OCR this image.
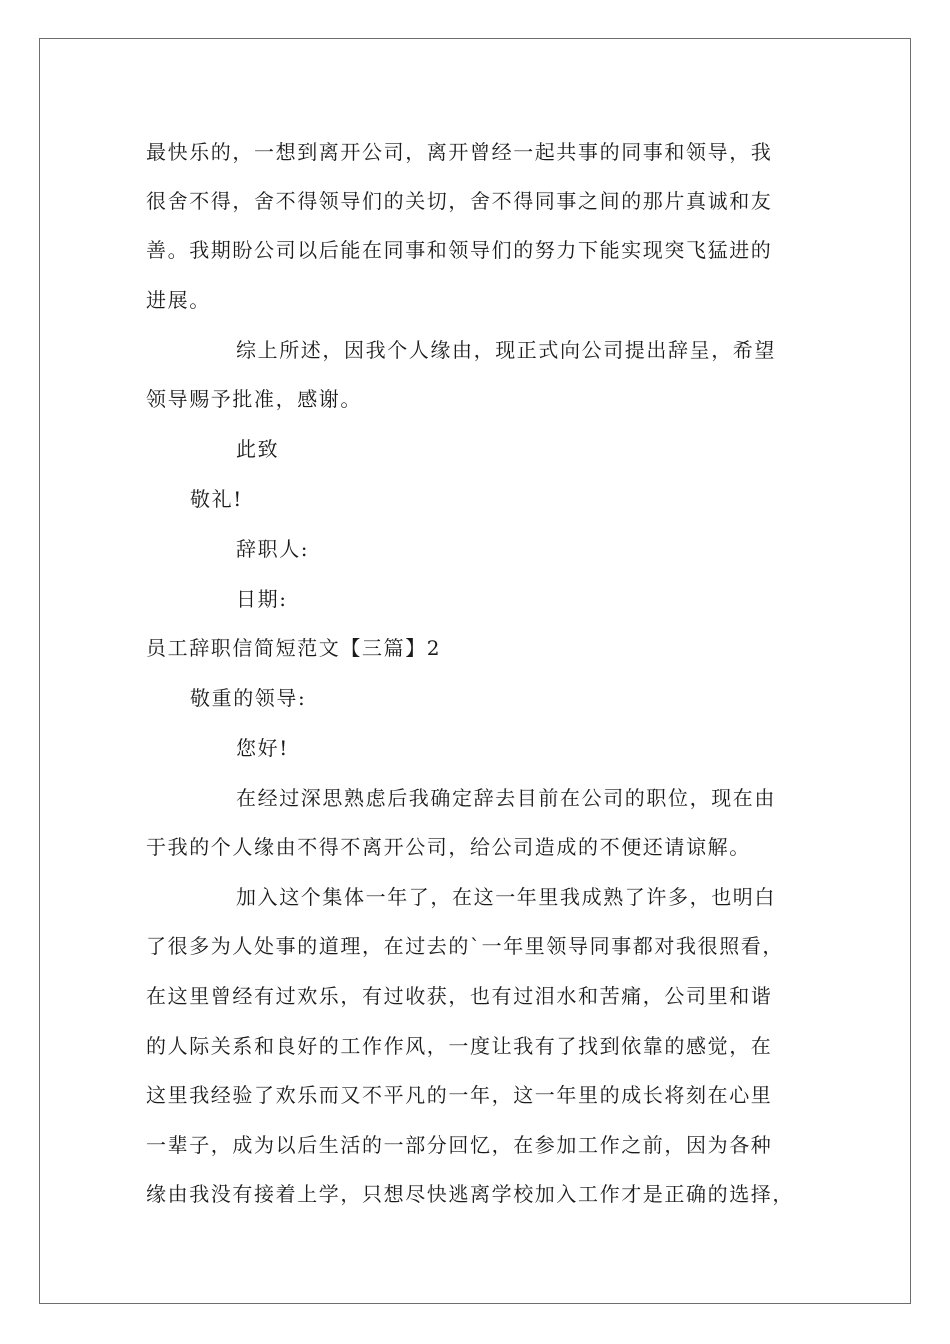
最快乐的，一想到离开公司，离开曾经一起共事的同事和领导，我
很舍不得，舍不得领导们的关切，舍不得同事之间的那片真诚和友
善。我期盼公司以后能在同事和领导们的努力下能实现突飞猛进的
进展。
综上所述，因我个人缘由，现正式向公司提出辞呈，希望
领导赐予批准，感谢。
此致
敬礼!
辞职人:
日期:
员工辞职信简短范文【三篇】2
敬重的领导:
您好!
在经过深思熟虑后我确定辞去目前在公司的职位，现在由
于我的个人缘由不得不离开公司，给公司造成的不便还请谅解。
加入这个集体一年了，在这一年里我成熟了许多，也明白
了很多为人处事的道理，在过去的`一年里领导同事都对我很照看，
在这里曾经有过欢乐，有过收获，也有过泪水和苦痛，公司里和谐
的人际关系和良好的工作作风，一度让我有了找到依靠的感觉，在
这里我经验了欢乐而又不平凡的一年，这一年里的成长将刻在心里
一辈子，成为以后生活的一部分回忆，在参加工作之前，因为各种
缘由我没有接着上学，只想尽快逃离学校加入工作才是正确的选择，
